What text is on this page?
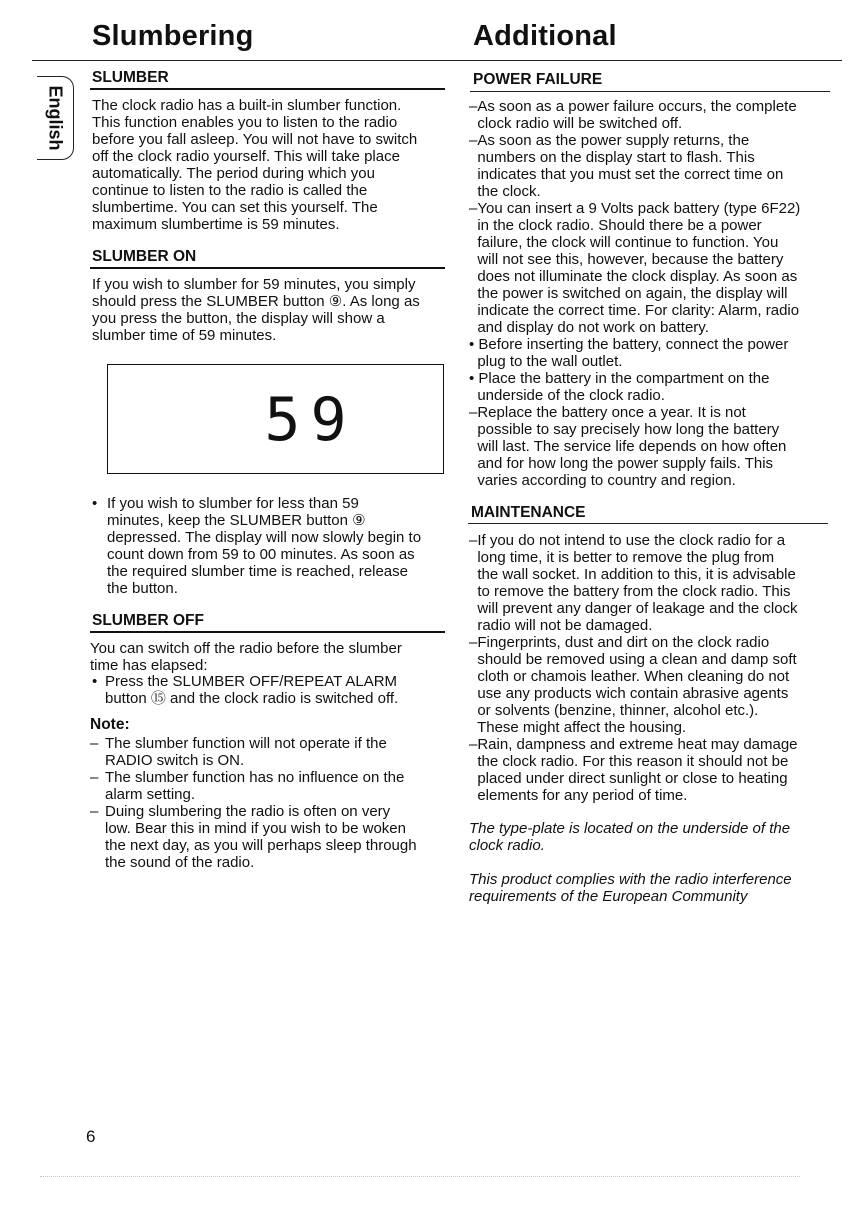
Slumbering	Additional
English
SLUMBER

The clock radio has a built-in slumber function.
This function enables you to listen to the radio
before you fall asleep. You will not have to switch
off the clock radio yourself. This will take place
automatically. The period during which you
continue to listen to the radio is called the
slumbertime. You can set this yourself. The
maximum slumbertime is 59 minutes.

SLUMBER ON

If you wish to slumber for 59 minutes, you simply
should press the SLUMBER button ⑨. As long as
you press the button, the display will show a
slumber time of 59 minutes.

59
• If you wish to slumber for less than 59
minutes, keep the SLUMBER button ⑨
depressed. The display will now slowly begin to
count down from 59 to 00 minutes. As soon as
the required slumber time is reached, release
the button.

SLUMBER OFF

You can switch off the radio before the slumber
time has elapsed:

• Press the SLUMBER OFF/REPEAT ALARM
button ⑮ and the clock radio is switched off.

Note:
– The slumber function will not operate if the
RADIO switch is ON.

– The slumber function has no influence on the
alarm setting.

– Duing slumbering the radio is often on very
low. Bear this in mind if you wish to be woken
the next day, as you will perhaps sleep through
the sound of the radio.

POWER FAILURE

–As soon as a power failure occurs, the complete
clock radio will be switched off.

–As soon as the power supply returns, the
numbers on the display start to flash. This
indicates that you must set the correct time on
the clock.

–You can insert a 9 Volts pack battery (type 6F22)
in the clock radio. Should there be a power
failure, the clock will continue to function. You
will not see this, however, because the battery
does not illuminate the clock display. As soon as
the power is switched on again, the display will
indicate the correct time. For clarity: Alarm, radio
and display do not work on battery.

• Before inserting the battery, connect the power
plug to the wall outlet.

• Place the battery in the compartment on the
underside of the clock radio.

–Replace the battery once a year. It is not
possible to say precisely how long the battery
will last. The service life depends on how often
and for how long the power supply fails. This
varies according to country and region.

MAINTENANCE

–If you do not intend to use the clock radio for a
long time, it is better to remove the plug from
the wall socket. In addition to this, it is advisable
to remove the battery from the clock radio. This
will prevent any danger of leakage and the clock
radio will not be damaged.

–Fingerprints, dust and dirt on the clock radio
should be removed using a clean and damp soft
cloth or chamois leather. When cleaning do not
use any products wich contain abrasive agents
or solvents (benzine, thinner, alcohol etc.).
These might affect the housing.

–Rain, dampness and extreme heat may damage
the clock radio. For this reason it should not be
placed under direct sunlight or close to heating
elements for any period of time.

The type-plate is located on the underside of the
clock radio.

This product complies with the radio interference
requirements of the European Community

6
